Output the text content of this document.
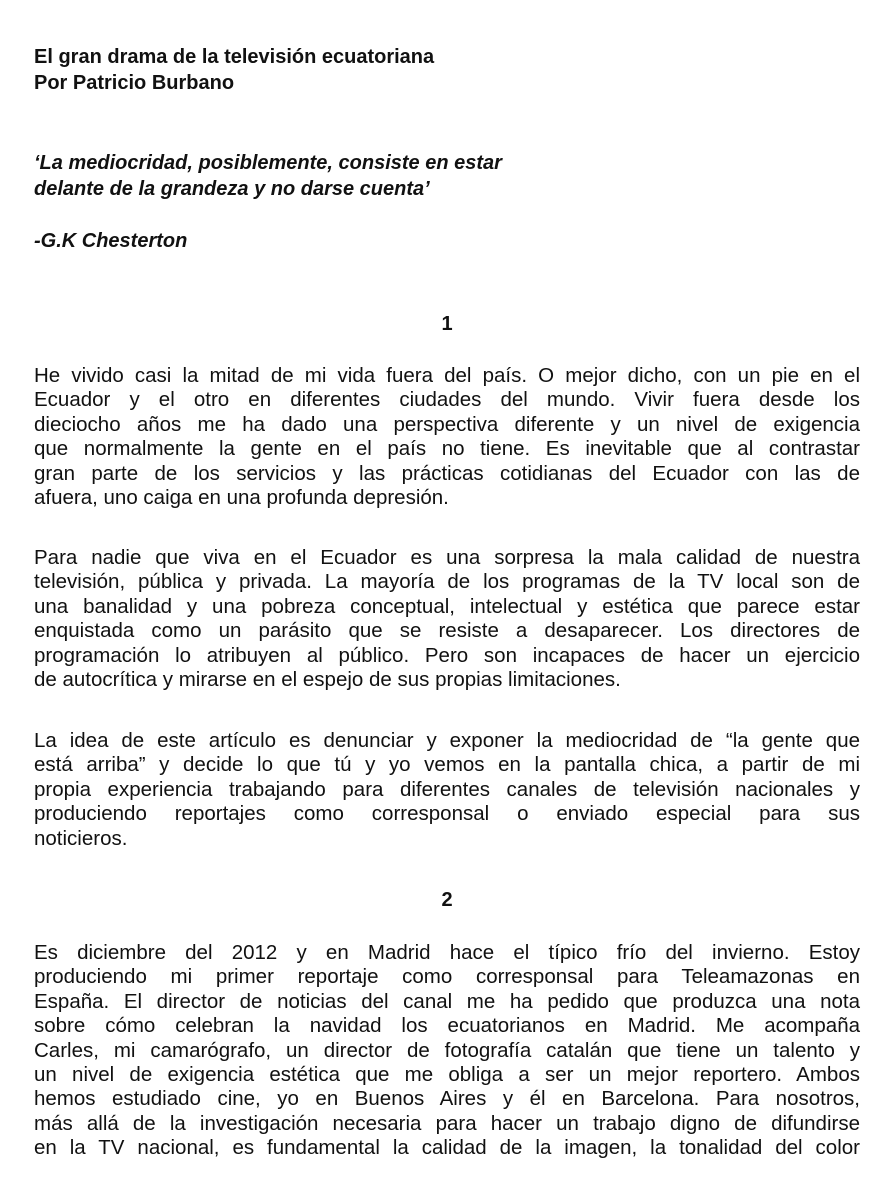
El gran drama de la televisión ecuatoriana

Por Patricio Burbano

‘La mediocridad, posiblemente, consiste en estar

delante de la grandeza y no darse cuenta’

-G.K Chesterton

1

He vivido casi la mitad de mi vida fuera del país. O mejor dicho, con un pie en el
Ecuador y el otro en diferentes ciudades del mundo. Vivir fuera desde los
dieciocho años me ha dado una perspectiva diferente y un nivel de exigencia
que normalmente la gente en el país no tiene. Es inevitable que al contrastar
gran parte de los servicios y las prácticas cotidianas del Ecuador con las de
afuera, uno caiga en una profunda depresión.

Para nadie que viva en el Ecuador es una sorpresa la mala calidad de nuestra
televisión, pública y privada. La mayoría de los programas de la TV local son de
una banalidad y una pobreza conceptual, intelectual y estética que parece estar
enquistada como un parásito que se resiste a desaparecer. Los directores de
programación lo atribuyen al público. Pero son incapaces de hacer un ejercicio
de autocrítica y mirarse en el espejo de sus propias limitaciones.

La idea de este artículo es denunciar y exponer la mediocridad de “la gente que
está arriba” y decide lo que tú y yo vemos en la pantalla chica, a partir de mi
propia experiencia trabajando para diferentes canales de televisión nacionales y
produciendo reportajes como corresponsal o enviado especial para sus
noticieros.

2

Es diciembre del 2012 y en Madrid hace el típico frío del invierno. Estoy
produciendo mi primer reportaje como corresponsal para Teleamazonas en
España. El director de noticias del canal me ha pedido que produzca una nota
sobre cómo celebran la navidad los ecuatorianos en Madrid. Me acompaña
Carles, mi camarógrafo, un director de fotografía catalán que tiene un talento y
un nivel de exigencia estética que me obliga a ser un mejor reportero. Ambos
hemos estudiado cine, yo en Buenos Aires y él en Barcelona. Para nosotros,
más allá de la investigación necesaria para hacer un trabajo digno de difundirse
en la TV nacional, es fundamental la calidad de la imagen, la tonalidad del color
